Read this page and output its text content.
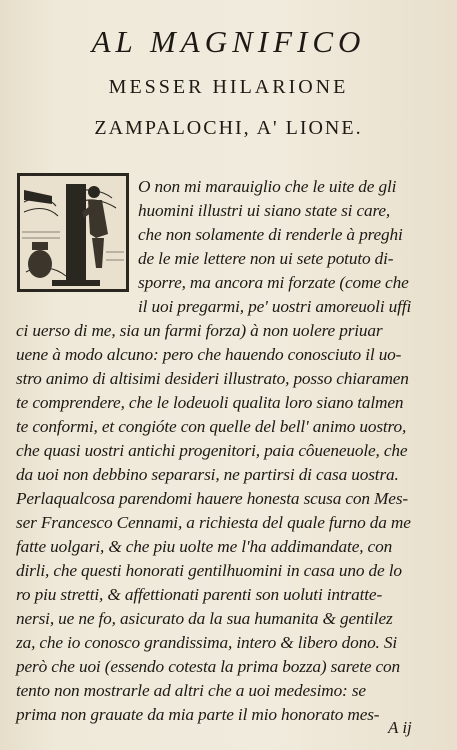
AL MAGNIFICO
MESSER HILARIONE
ZAMPALOCHI, A' LIONE.
O non mi marauiglio che le uite de gli
huomini illustri ui siano state si care,
che non solamente di renderle à preghi
de le mie lettere non ui sete potuto di-
sporre, ma ancora mi forzate (come che
il uoi pregarmi, pe' uostri amoreuoli uffi
ci uerso di me, sia un farmi forza) à non uolere priuar
uene à modo alcuno: pero che hauendo conosciuto il uo-
stro animo di altisimi desideri illustrato, posso chiaramen
te comprendere, che le lodeuoli qualita loro siano talmen
te conformi, et congióte con quelle del bell' animo uostro,
che quasi uostri antichi progenitori, paia côueneuole, che
da uoi non debbino separarsi, ne partirsi di casa uostra.
Perlaqualcosa parendomi hauere honesta scusa con Mes-
ser Francesco Cennami, a richiesta del quale furno da me
fatte uolgari, & che piu uolte me l'ha addimandate, con
dirli, che questi honorati gentilhuomini in casa uno de lo
ro piu stretti, & affettionati parenti son uoluti intratte-
nersi, ue ne fo, asicurato da la sua humanita & gentilez
za, che io conosco grandissima, intero & libero dono. Si
però che uoi (essendo cotesta la prima bozza) sarete con
tento non mostrarle ad altri che a uoi medesimo: se
prima non grauate da mia parte il mio honorato mes-
A ij
